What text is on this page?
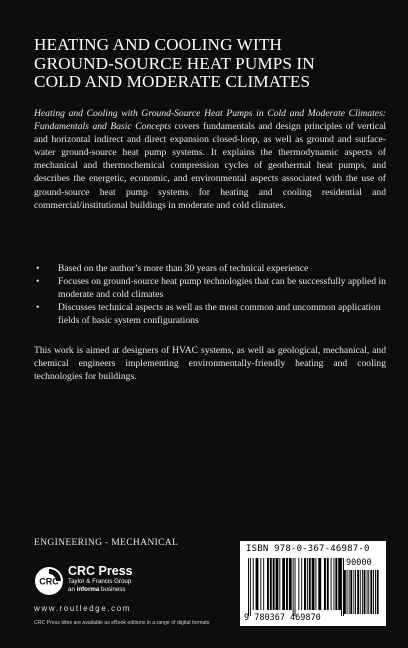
HEATING AND COOLING WITH
GROUND-SOURCE HEAT PUMPS IN
COLD AND MODERATE CLIMATES
Heating and Cooling with Ground-Source Heat Pumps in Cold and Moderate Climates: Fundamentals and Basic Concepts covers fundamentals and design principles of vertical and horizontal indirect and direct expansion closed-loop, as well as ground and surface-water ground-source heat pump systems. It explains the thermodynamic aspects of mechanical and thermochemical compression cycles of geothermal heat pumps, and describes the energetic, economic, and environmental aspects associated with the use of ground-source heat pump systems for heating and cooling residential and commercial/institutional buildings in moderate and cold climates.
• Based on the author’s more than 30 years of technical experience
• Focuses on ground-source heat pump technologies that can be successfully applied in moderate and cold climates
• Discusses technical aspects as well as the most common and uncommon application fields of basic system configurations
This work is aimed at designers of HVAC systems, as well as geological, mechanical, and chemical engineers implementing environmentally-friendly heating and cooling technologies for buildings.
ENGINEERING - MECHANICAL
CRC
CRC Press
Taylor & Francis Group
an informa business
www.routledge.com
CRC Press titles are available as eBook editions in a range of digital formats
ISBN 978-0-367-46987-0
90000
9 780367 469870
